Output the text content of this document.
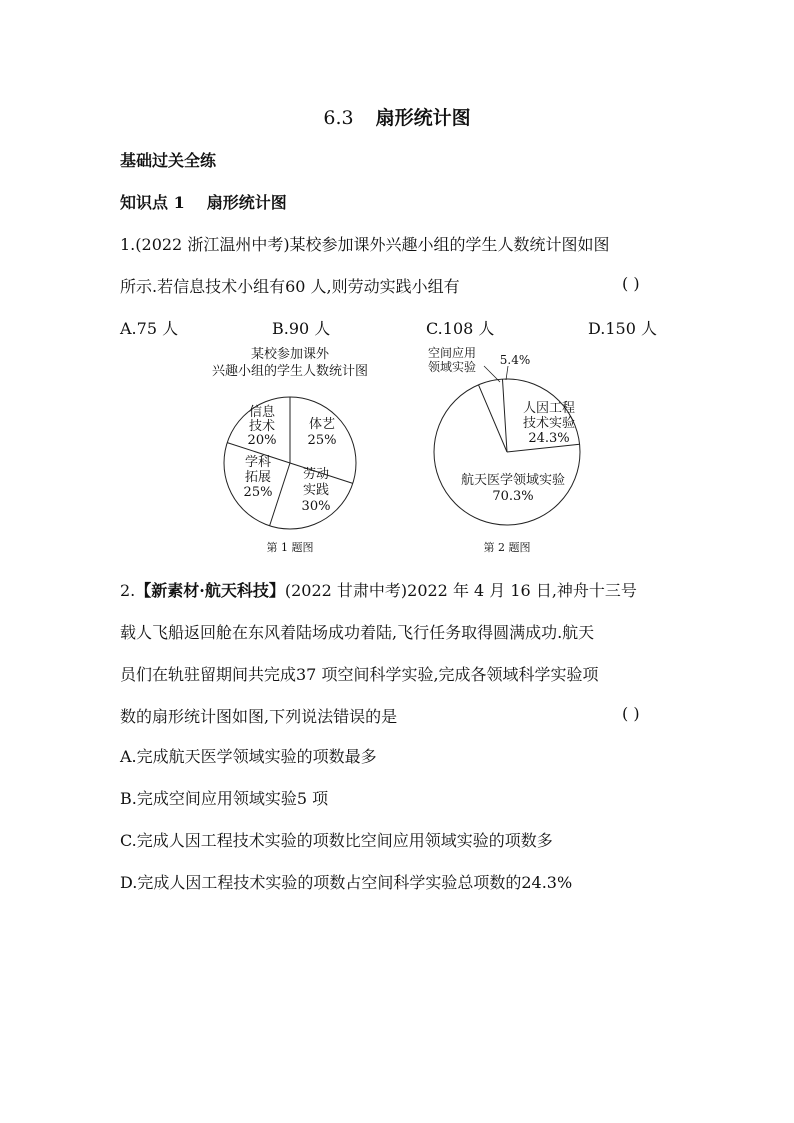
6.3 扇形统计图
基础过关全练
知识点 1 扇形统计图
1.(2022 浙江温州中考)某校参加课外兴趣小组的学生人数统计图如图
所示.若信息技术小组有60 人,则劳动实践小组有	( )
A.75 人	B.90 人	C.108 人	D.150 人
某校参加课外
兴趣小组的学生人数统计图
信息
技术
20%
体艺
25%
学科
拓展
25%
劳动
实践
30%
第 1 题图
空间应用
领域实验 5.4%
人因工程
技术实验
24.3%
航天医学领域实验
70.3%
第 2 题图
2.【新素材·航天科技】(2022 甘肃中考)2022 年 4 月 16 日,神舟十三号
载人飞船返回舱在东风着陆场成功着陆,飞行任务取得圆满成功.航天
员们在轨驻留期间共完成37 项空间科学实验,完成各领域科学实验项
数的扇形统计图如图,下列说法错误的是	( )
A.完成航天医学领域实验的项数最多
B.完成空间应用领域实验5 项
C.完成人因工程技术实验的项数比空间应用领域实验的项数多
D.完成人因工程技术实验的项数占空间科学实验总项数的24.3%
